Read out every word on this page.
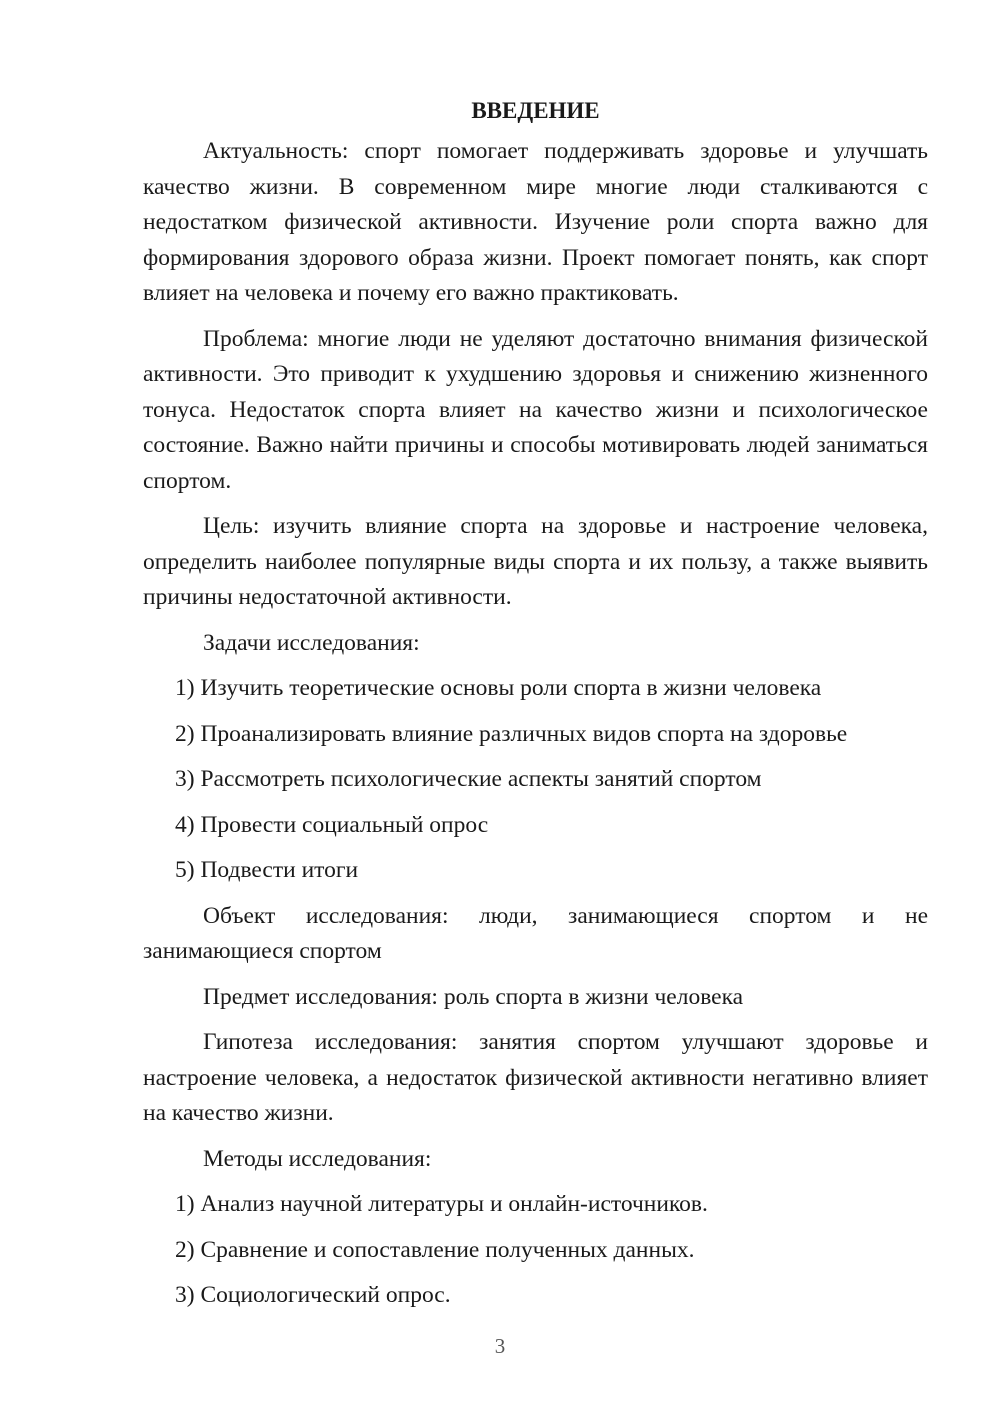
ВВЕДЕНИЕ

Актуальность: спорт помогает поддерживать здоровье и улучшать качество жизни. В современном мире многие люди сталкиваются с недостатком физической активности. Изучение роли спорта важно для формирования здорового образа жизни. Проект помогает понять, как спорт влияет на человека и почему его важно практиковать.

Проблема: многие люди не уделяют достаточно внимания физической активности. Это приводит к ухудшению здоровья и снижению жизненного тонуса. Недостаток спорта влияет на качество жизни и психологическое состояние. Важно найти причины и способы мотивировать людей заниматься спортом.

Цель: изучить влияние спорта на здоровье и настроение человека, определить наиболее популярные виды спорта и их пользу, а также выявить причины недостаточной активности.

Задачи исследования:
1) Изучить теоретические основы роли спорта в жизни человека
2) Проанализировать влияние различных видов спорта на здоровье
3) Рассмотреть психологические аспекты занятий спортом
4) Провести социальный опрос
5) Подвести итоги

Объект исследования: люди, занимающиеся спортом и не занимающиеся спортом

Предмет исследования: роль спорта в жизни человека

Гипотеза исследования: занятия спортом улучшают здоровье и настроение человека, а недостаток физической активности негативно влияет на качество жизни.

Методы исследования:
1) Анализ научной литературы и онлайн-источников.
2) Сравнение и сопоставление полученных данных.
3) Социологический опрос.
3
